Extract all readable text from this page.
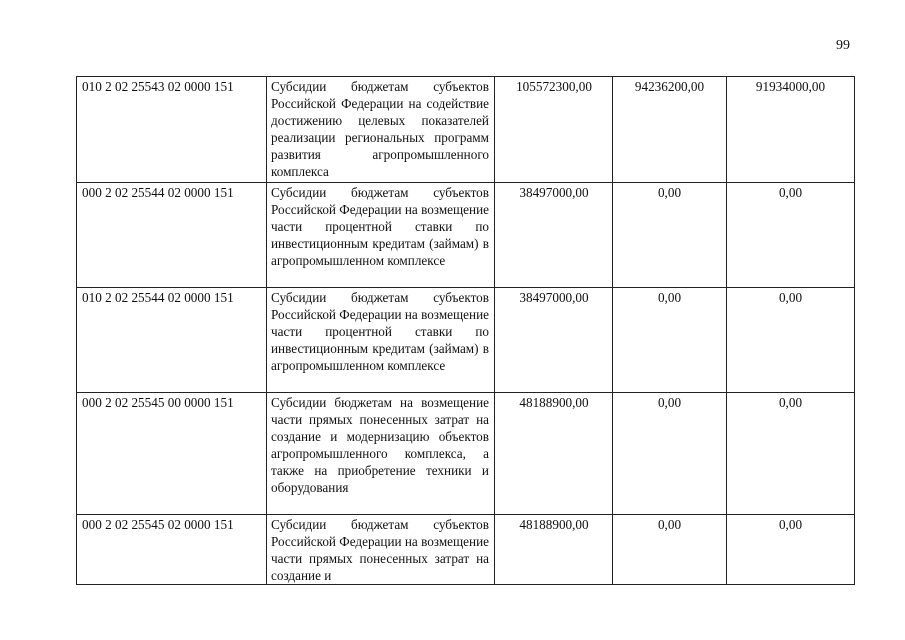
99
010 2 02 25543 02 0000 151	Субсидии бюджетам субъектов Российской Федерации на содействие достижению целевых показателей реализации региональных программ развития агропромышленного комплекса	105572300,00	94236200,00	91934000,00
000 2 02 25544 02 0000 151	Субсидии бюджетам субъектов Российской Федерации на возмещение части процентной ставки по инвестиционным кредитам (займам) в агропромышленном комплексе	38497000,00	0,00	0,00
010 2 02 25544 02 0000 151	Субсидии бюджетам субъектов Российской Федерации на возмещение части процентной ставки по инвестиционным кредитам (займам) в агропромышленном комплексе	38497000,00	0,00	0,00
000 2 02 25545 00 0000 151	Субсидии бюджетам на возмещение части прямых понесенных затрат на создание и модернизацию объектов агропромышленного комплекса, а также на приобретение техники и оборудования	48188900,00	0,00	0,00
000 2 02 25545 02 0000 151	Субсидии бюджетам субъектов Российской Федерации на возмещение части прямых понесенных затрат на создание и	48188900,00	0,00	0,00
